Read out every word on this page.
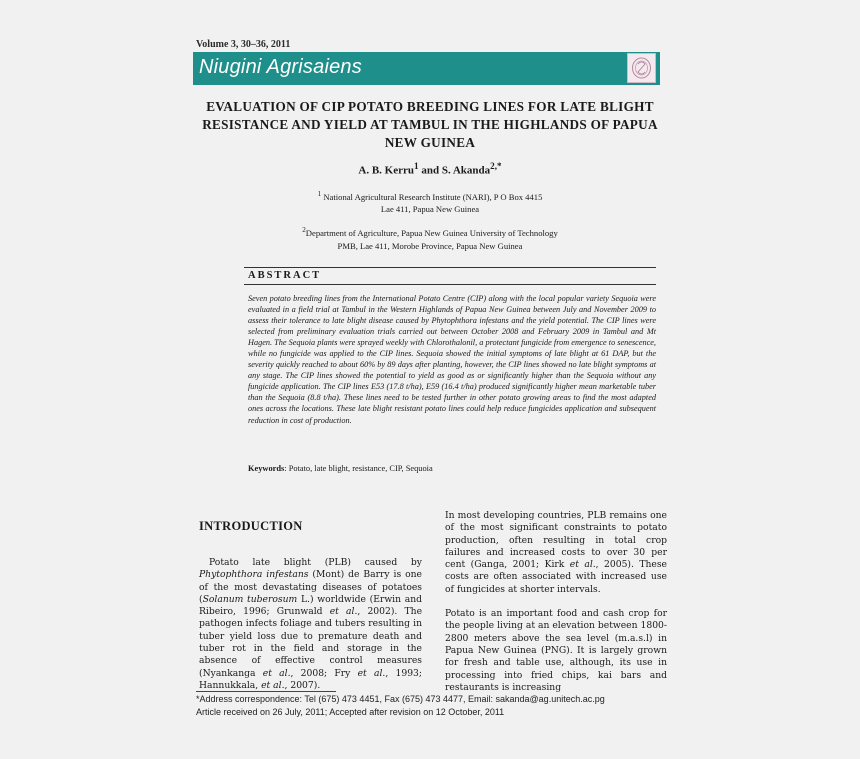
Volume 3, 30–36, 2011
Niugini Agrisaiens
EVALUATION OF CIP POTATO BREEDING LINES FOR LATE BLIGHT RESISTANCE AND YIELD AT TAMBUL IN THE HIGHLANDS OF PAPUA NEW GUINEA
A. B. Kerru$^1$ and S. Akanda$^{2,*}$
$^1$ National Agricultural Research Institute (NARI), P O Box 4415
Lae 411, Papua New Guinea
$^2$Department of Agriculture, Papua New Guinea University of Technology
PMB, Lae 411, Morobe Province, Papua New Guinea
ABSTRACT
Seven potato breeding lines from the International Potato Centre (CIP) along with the local popular variety Sequoia were evaluated in a field trial at Tambul in the Western Highlands of Papua New Guinea between July and November 2009 to assess their tolerance to late blight disease caused by Phytophthora infestans and the yield potential. The CIP lines were selected from preliminary evaluation trials carried out between October 2008 and February 2009 in Tambul and Mt Hagen. The Sequoia plants were sprayed weekly with Chlorothalonil, a protectant fungicide from emergence to senescence, while no fungicide was applied to the CIP lines. Sequoia showed the initial symptoms of late blight at 61 DAP, but the severity quickly reached to about 60% by 89 days after planting, however, the CIP lines showed no late blight symptoms at any stage. The CIP lines showed the potential to yield as good as or significantly higher than the Sequoia without any fungicide application. The CIP lines E53 (17.8 t/ha), E59 (16.4 t/ha) produced significantly higher mean marketable tuber than the Sequoia (8.8 t/ha). These lines need to be tested further in other potato growing areas to find the most adapted ones across the locations. These late blight resistant potato lines could help reduce fungicides application and subsequent reduction in cost of production.
Keywords: Potato, late blight, resistance, CIP, Sequoia
INTRODUCTION

Potato late blight (PLB) caused by Phytophthora infestans (Mont) de Barry is one of the most devastating diseases of potatoes (Solanum tuberosum L.) worldwide (Erwin and Ribeiro, 1996; Grunwald et al., 2002). The pathogen infects foliage and tubers resulting in tuber yield loss due to premature death and tuber rot in the field and storage in the absence of effective control measures (Nyankanga et al., 2008; Fry et al., 1993; Hannukkala, et al., 2007).

In most developing countries, PLB remains one of the most significant constraints to potato production, often resulting in total crop failures and increased costs to over 30 per cent (Ganga, 2001; Kirk et al., 2005). These costs are often associated with increased use of fungicides at shorter intervals.

Potato is an important food and cash crop for the people living at an elevation between 1800-2800 meters above the sea level (m.a.s.l) in Papua New Guinea (PNG). It is largely grown for fresh and table use, although, its use in processing into fried chips, kai bars and restaurants is increasing

*Address correspondence: Tel (675) 473 4451, Fax (675) 473 4477, Email: sakanda@ag.unitech.ac.pg
Article received on 26 July, 2011; Accepted after revision on 12 October, 2011
